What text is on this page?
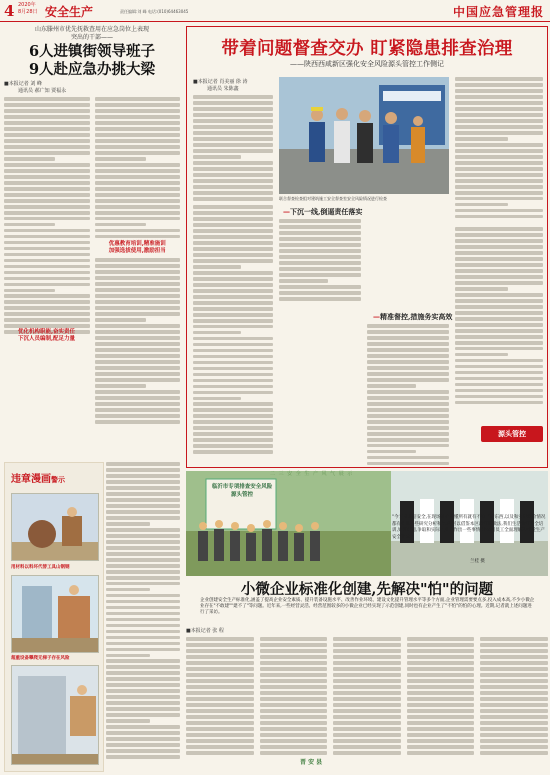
4 2020年
8月28日 安全生产	责任编辑:刘 峰 电话:(010)64463045	中国应急管理报
山东滕州市优先抚救查用在应急岗位上表现
突出的干部——
6人进镇街领导班子
9人赴应急办挑大梁
■本报记者 刘 峰
通讯员 郝广知 贾福永
优惠教育培训,精准施训
加强选拔使用,激励担当
优化机构职能,奋实责任
下沉人员编制,配足力量
违章漫画警示
用材料以料坏代替工具山钢钢
超重设备攀爬无梯子存在风险
带着问题督查交办 盯紧隐患排查治理
——陕西西咸新区强化安全风险源头管控工作侧记
■本报记者 肖美丽 徐 涛
通讯员 朱陈鑫
联合督查检查组对建筑施工安全督查室安全风险情况进行检查
—下沉一线,倒逼责任落实
—精准督控,措施务实高效
源头管控
临沂市专项排查安全风险源头管控
二 三 安 全 生 产 风 气 展 示
"今天我来陪安全,在现场就有不懂所有就有不到了的东西,以及和实际危险情况都有实施一些研究分析和比较,可以借鉴本区最好的做法,我们生活做好安全培训,处理问题,争取和实际上真正作出一些事情,让公司员工全面理解和接受生产安全要求."
兰桂 摄
小微企业标准化创建,先解决"怕"的问题
企业创建安全生产标准化,涵盖了提高企业安全素质、提升装备设施水平、改善作业环境、建设文化提升管理水平等多个方面,企业管理需要要点多,投入成本高,不少小微企业存在"不敢建""建不了"等问题。近年来,一些经营灵活、经营范围较多的小微企业已经实现了示范创建,同时也有企业产生了"不怕"的怕的心理。近期,记者就上述问题进行了采访。
■本报记者 张 程
晋 安 县
